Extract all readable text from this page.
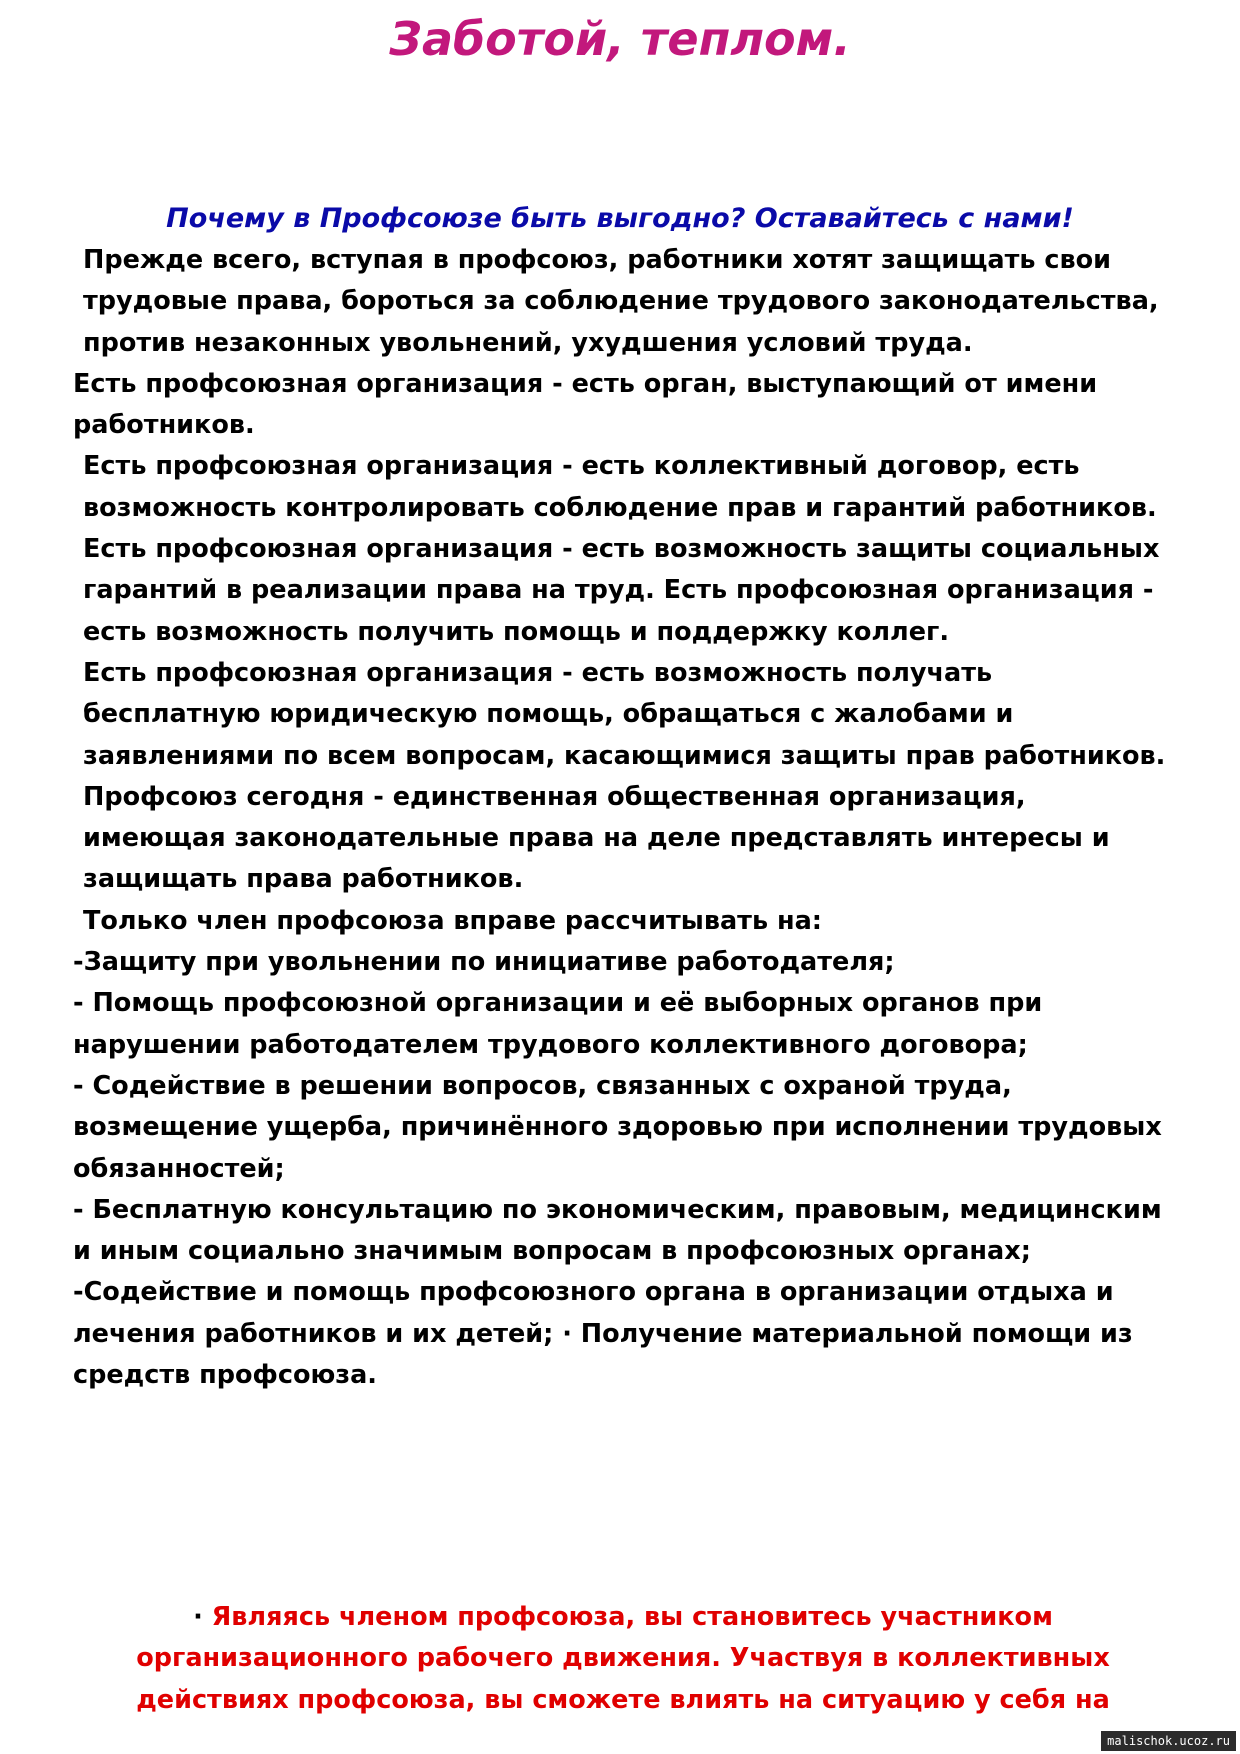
Заботой, теплом.
Почему в Профсоюзе быть выгодно? Оставайтесь с нами!

Прежде всего, вступая в профсоюз, работники хотят защищать свои трудовые права, бороться за соблюдение трудового законодательства, против незаконных увольнений, ухудшения условий труда.

Есть профсоюзная организация - есть орган, выступающий от имени работников.

Есть профсоюзная организация - есть коллективный договор, есть возможность контролировать соблюдение прав и гарантий работников.

Есть профсоюзная организация - есть возможность защиты социальных гарантий в реализации права на труд. Есть профсоюзная организация - есть возможность получить помощь и поддержку коллег.

Есть профсоюзная организация - есть возможность получать бесплатную юридическую помощь, обращаться с жалобами и заявлениями по всем вопросам, касающимися защиты прав работников.

Профсоюз сегодня - единственная общественная организация, имеющая законодательные права на деле представлять интересы и защищать права работников.

Только член профсоюза вправе рассчитывать на:

-Защиту при увольнении по инициативе работодателя;

- Помощь профсоюзной организации и её выборных органов при нарушении работодателем трудового коллективного договора;

- Содействие в решении вопросов, связанных с охраной труда, возмещение ущерба, причинённого здоровью при исполнении трудовых обязанностей;

- Бесплатную консультацию по экономическим, правовым, медицинским и иным социально значимым вопросам в профсоюзных органах;

-Содействие и помощь профсоюзного органа в организации отдыха и лечения работников и их детей; · Получение материальной помощи из средств профсоюза.

· Являясь членом профсоюза, вы становитесь участником

организационного рабочего движения. Участвуя в коллективных

действиях профсоюза, вы сможете влиять на ситуацию у себя на

malischok.ucoz.ru
